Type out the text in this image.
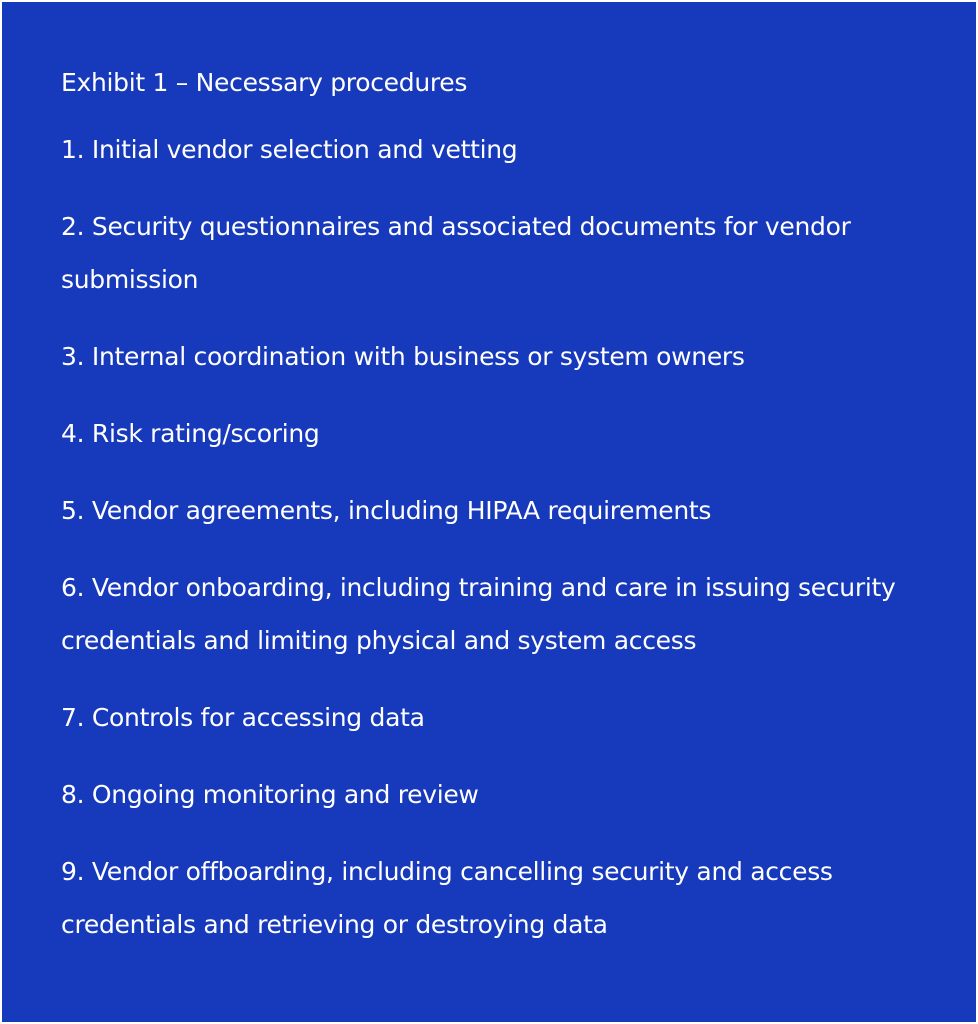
Exhibit 1 – Necessary procedures
1. Initial vendor selection and vetting
2. Security questionnaires and associated documents for vendor submission
3. Internal coordination with business or system owners
4. Risk rating/scoring
5. Vendor agreements, including HIPAA requirements
6. Vendor onboarding, including training and care in issuing security credentials and limiting physical and system access
7. Controls for accessing data
8. Ongoing monitoring and review
9. Vendor offboarding, including cancelling security and access credentials and retrieving or destroying data
